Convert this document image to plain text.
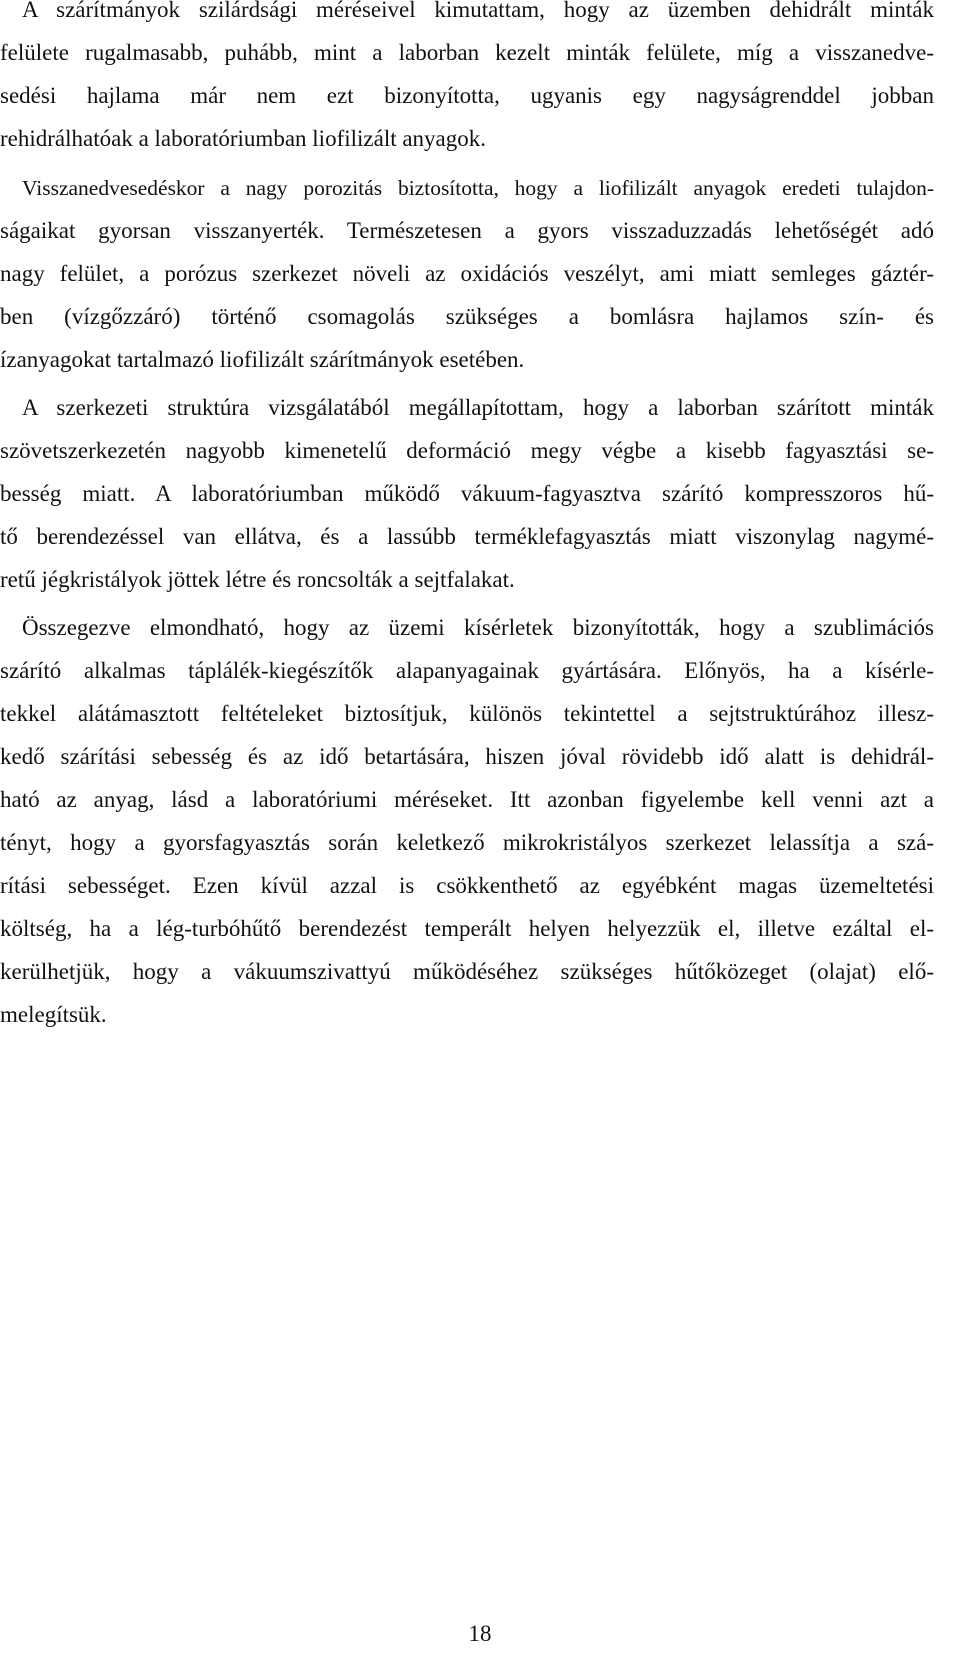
A szárítmányok szilárdsági méréseivel kimutattam, hogy az üzemben dehidrált minták
felülete rugalmasabb, puhább, mint a laborban kezelt minták felülete, míg a visszanedve-
sedési hajlama már nem ezt bizonyította, ugyanis egy nagyságrenddel jobban
rehidrálhatóak a laboratóriumban liofilizált anyagok.
Visszanedvesedéskor a nagy porozitás biztosította, hogy a liofilizált anyagok eredeti tulajdon-
ságaikat gyorsan visszanyerték. Természetesen a gyors visszaduzzadás lehetőségét adó
nagy felület, a porózus szerkezet növeli az oxidációs veszélyt, ami miatt semleges gáztér-
ben (vízgőzzáró) történő csomagolás szükséges a bomlásra hajlamos szín- és
ízanyagokat tartalmazó liofilizált szárítmányok esetében.
A szerkezeti struktúra vizsgálatából megállapítottam, hogy a laborban szárított minták
szövetszerkezetén nagyobb kimenetelű deformáció megy végbe a kisebb fagyasztási se-
besség miatt. A laboratóriumban működő vákuum-fagyasztva szárító kompresszoros hű-
tő berendezéssel van ellátva, és a lassúbb terméklefagyasztás miatt viszonylag nagymé-
retű jégkristályok jöttek létre és roncsolták a sejtfalakat.
Összegezve elmondható, hogy az üzemi kísérletek bizonyították, hogy a szublimációs
szárító alkalmas táplálék-kiegészítők alapanyagainak gyártására. Előnyös, ha a kísérle-
tekkel alátámasztott feltételeket biztosítjuk, különös tekintettel a sejtstruktúrához illesz-
kedő szárítási sebesség és az idő betartására, hiszen jóval rövidebb idő alatt is dehidrál-
ható az anyag, lásd a laboratóriumi méréseket. Itt azonban figyelembe kell venni azt a
tényt, hogy a gyorsfagyasztás során keletkező mikrokristályos szerkezet lelassítja a szá-
rítási sebességet. Ezen kívül azzal is csökkenthető az egyébként magas üzemeltetési
költség, ha a lég-turbóhűtő berendezést temperált helyen helyezzük el, illetve ezáltal el-
kerülhetjük, hogy a vákuumszivattyú működéséhez szükséges hűtőközeget (olajat) elő-
melegítsük.
18
